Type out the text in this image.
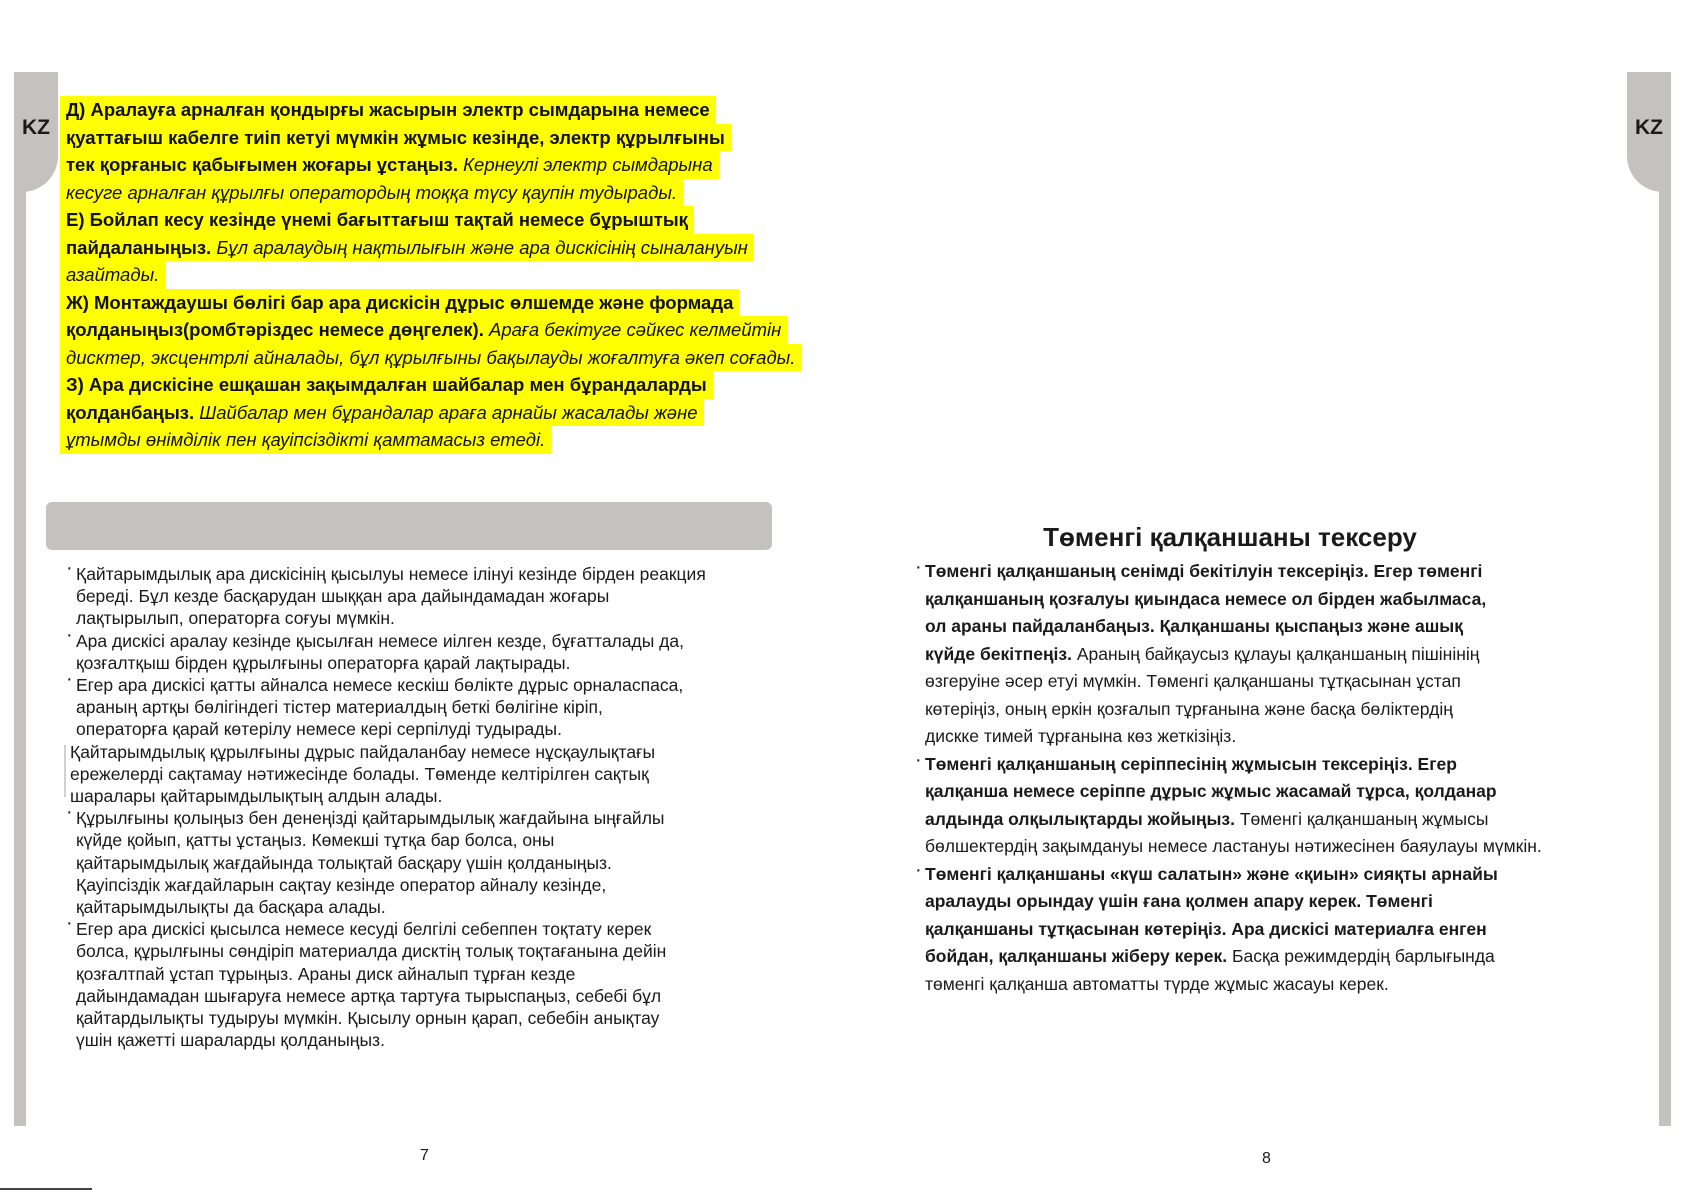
KZ	KZ
Д) Аралауға арналған қондырғы жасырын электр сымдарына немесе
қуаттағыш кабелге тиіп кетуі мүмкін жұмыс кезінде, электр құрылғыны
тек қорғаныс қабығымен жоғары ұстаңыз. Кернеулі электр сымдарына
кесуге арналған құрылғы оператордың тоққа түсу қаупін тудырады.
Е) Бойлап кесу кезінде үнемі бағыттағыш тақтай немесе бұрыштық
пайдаланыңыз. Бұл аралаудың нақтылығын және ара дискісінің сыналануын
азайтады.
Ж) Монтаждаушы бөлігі бар ара дискісін дұрыс өлшемде және формада
қолданыңыз(ромбтәріздес немесе дөңгелек). Араға бекітуге сәйкес келмейтін
дисктер, эксцентрлі айналады, бұл құрылғыны бақылауды жоғалтуға әкеп соғады.
З) Ара дискісіне ешқашан зақымдалған шайбалар мен бұрандаларды
қолданбаңыз. Шайбалар мен бұрандалар араға арнайы жасалады және
ұтымды өнімділік пен қауіпсіздікті қамтамасыз етеді.
· Қайтарымдылық ара дискісінің қысылуы немесе ілінуі кезінде бірден реакция
береді. Бұл кезде басқарудан шыққан ара дайындамадан жоғары
лақтырылып, операторға соғуы мүмкін.
· Ара дискісі аралау кезінде қысылған немесе иілген кезде, бұғатталады да,
қозғалтқыш бірден құрылғыны операторға қарай лақтырады.
· Егер ара дискісі қатты айналса немесе кескіш бөлікте дұрыс орналаспаса,
араның артқы бөлігіндегі тістер материалдың беткі бөлігіне кіріп,
операторға қарай көтерілу немесе кері серпілуді тудырады.
Қайтарымдылық құрылғыны дұрыс пайдаланбау немесе нұсқаулықтағы
ережелерді сақтамау нәтижесінде болады. Төменде келтірілген сақтық
шаралары қайтарымдылықтың алдын алады.
· Құрылғыны қолыңыз бен денеңізді қайтарымдылық жағдайына ыңғайлы
күйде қойып, қатты ұстаңыз. Көмекші тұтқа бар болса, оны
қайтарымдылық жағдайында толықтай басқару үшін қолданыңыз.
Қауіпсіздік жағдайларын сақтау кезінде оператор айналу кезінде,
қайтарымдылықты да басқара алады.
· Егер ара дискісі қысылса немесе кесуді белгілі себеппен тоқтату керек
болса, құрылғыны сөндіріп материалда дисктің толық тоқтағанына дейін
қозғалтпай ұстап тұрыңыз. Араны диск айналып тұрған кезде
дайындамадан шығаруға немесе артқа тартуға тырыспаңыз, себебі бұл
қайтардылықты тудыруы мүмкін. Қысылу орнын қарап, себебін анықтау
үшін қажетті шараларды қолданыңыз.
Төменгі қалқаншаны тексеру
· Төменгі қалқаншаның сенімді бекітілуін тексеріңіз. Егер төменгі
қалқаншаның қозғалуы қиындаса немесе ол бірден жабылмаса,
ол араны пайдаланбаңыз. Қалқаншаны қыспаңыз және ашық
күйде бекітпеңіз. Араның байқаусыз құлауы қалқаншаның пішінінің
өзгеруіне әсер етуі мүмкін. Төменгі қалқаншаны тұтқасынан ұстап
көтеріңіз, оның еркін қозғалып тұрғанына және басқа бөліктердің
дискке тимей тұрғанына көз жеткізіңіз.
· Төменгі қалқаншаның серіппесінің жұмысын тексеріңіз. Егер
қалқанша немесе серіппе дұрыс жұмыс жасамай тұрса, қолданар
алдында олқылықтарды жойыңыз. Төменгі қалқаншаның жұмысы
бөлшектердің зақымдануы немесе ластануы нәтижесінен баяулауы мүмкін.
· Төменгі қалқаншаны «күш салатын» және «қиын» сияқты арнайы
аралауды орындау үшін ғана қолмен апару керек. Төменгі
қалқаншаны тұтқасынан көтеріңіз. Ара дискісі материалға енген
бойдан, қалқаншаны жіберу керек. Басқа режимдердің барлығында
төменгі қалқанша автоматты түрде жұмыс жасауы керек.
7	8
